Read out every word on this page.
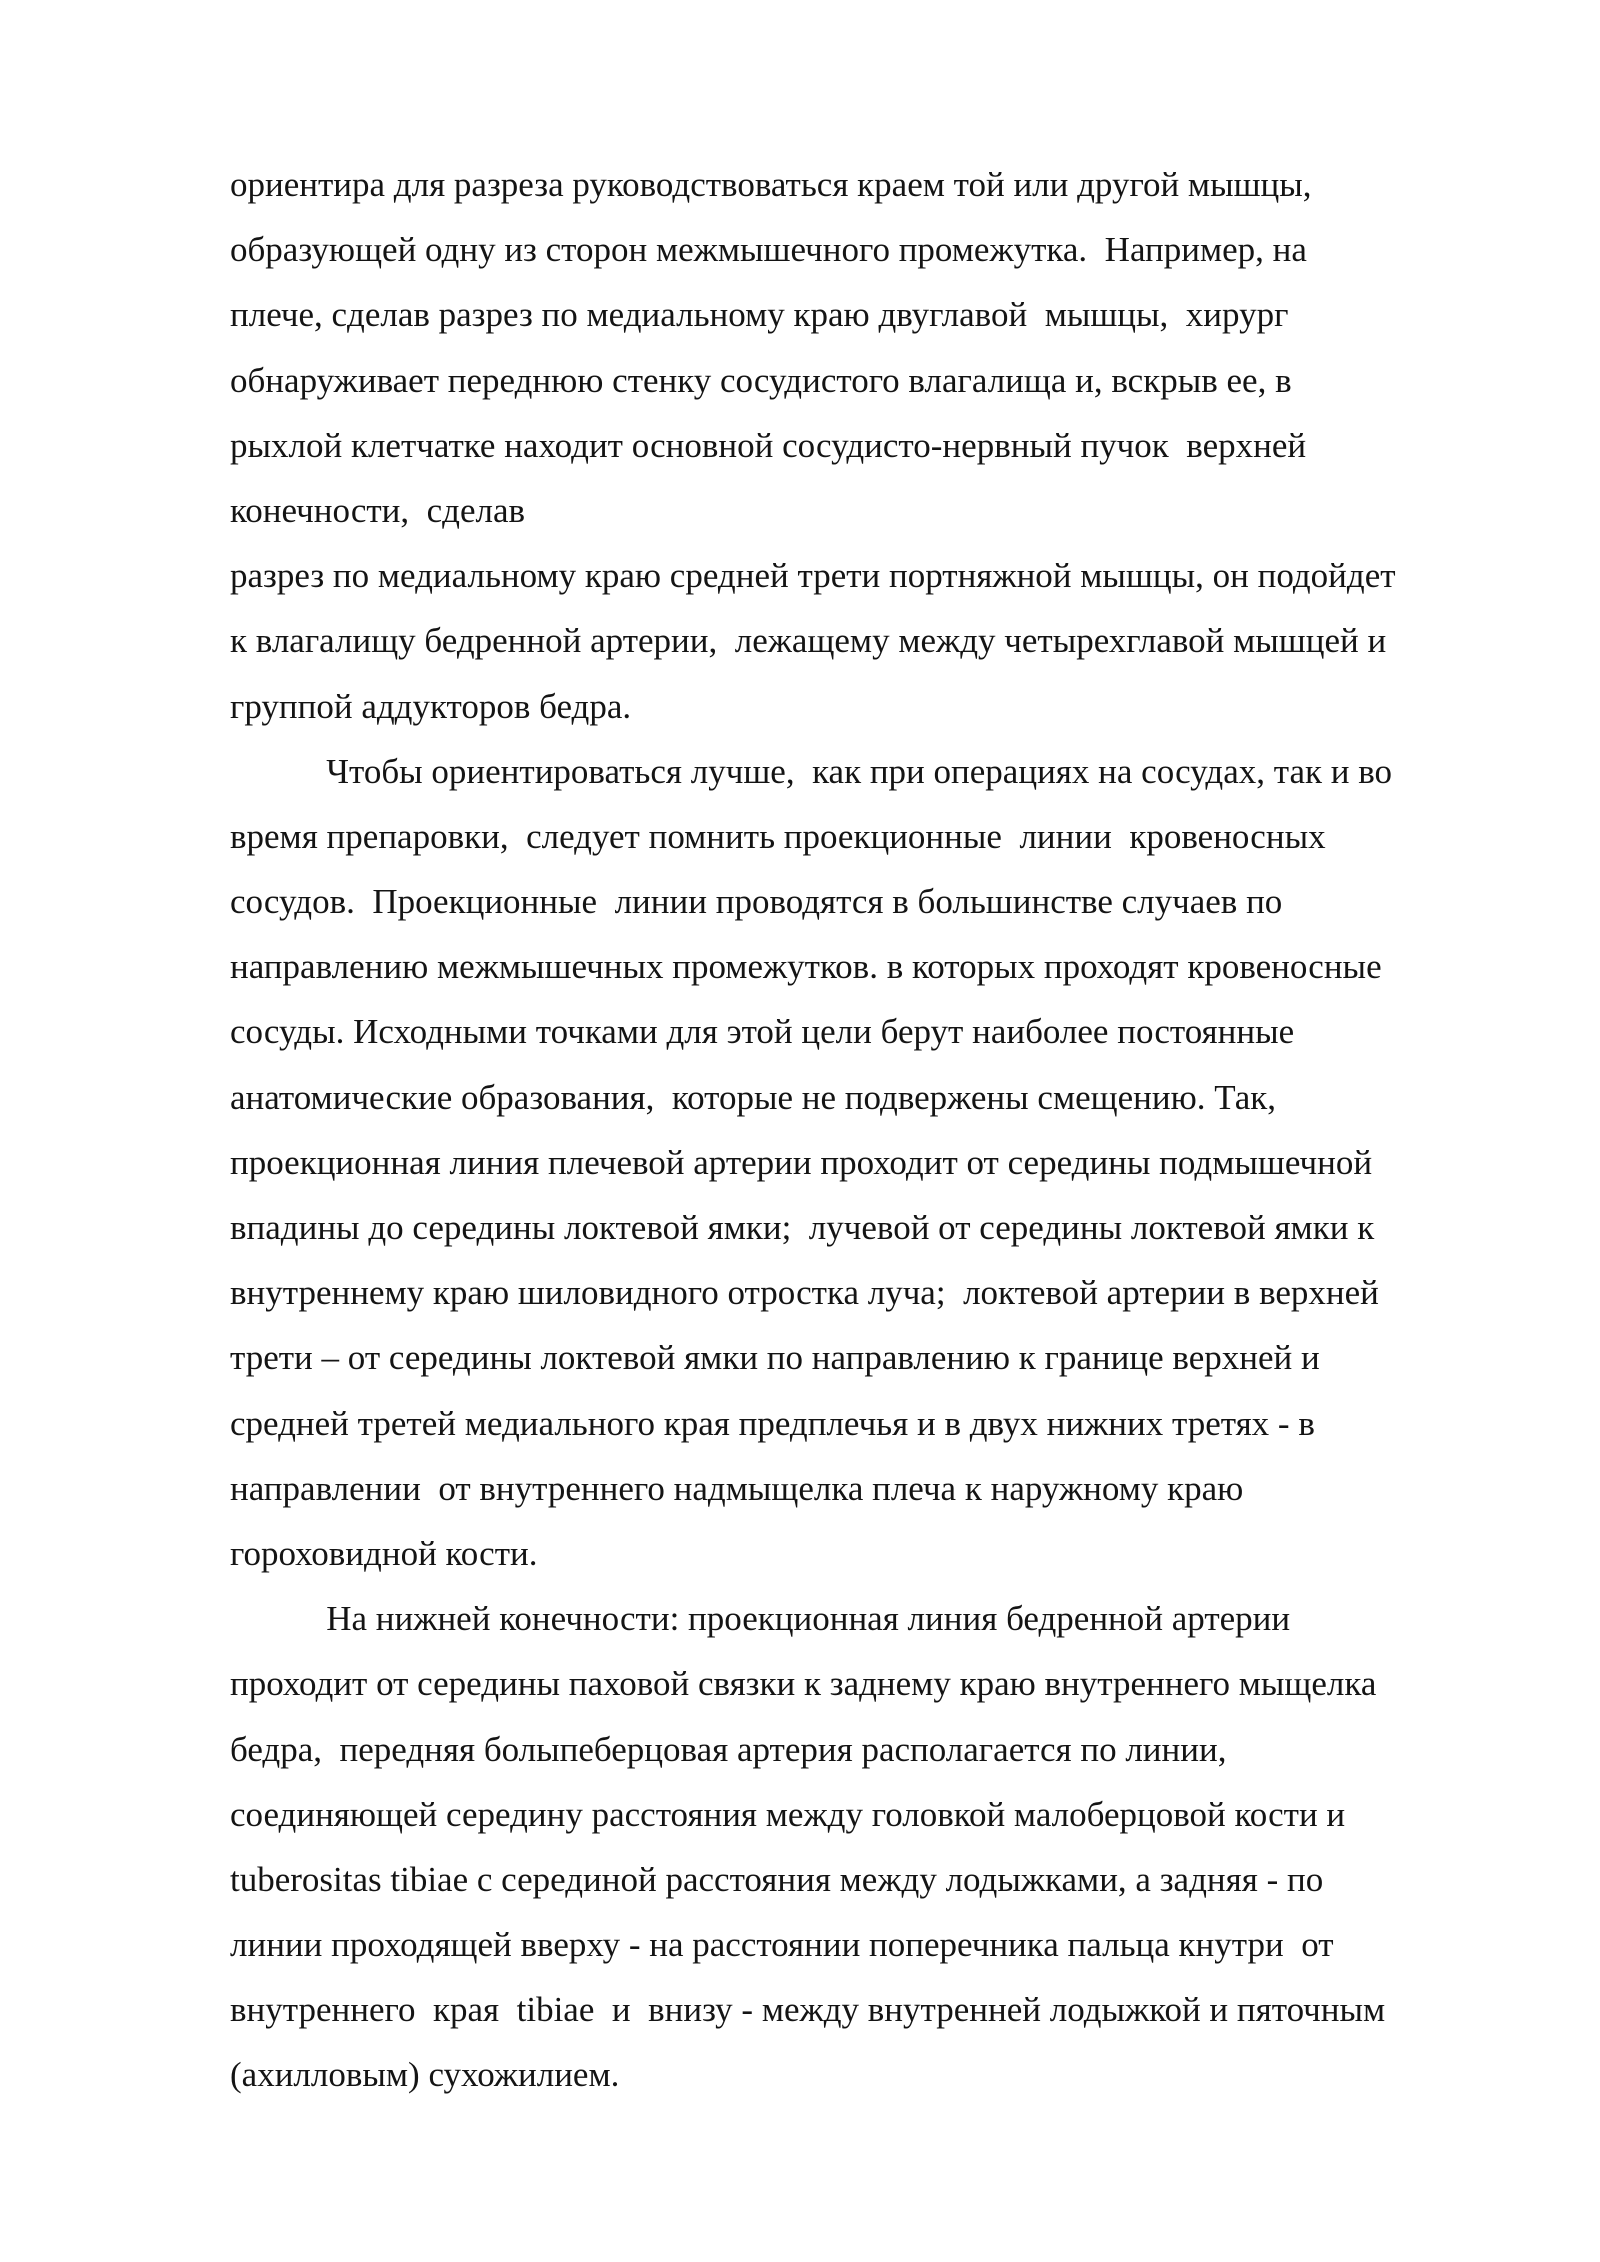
ориентира для разреза руководствоваться краем той или другой мышцы,
образующей одну из сторон межмышечного промежутка.  Например, на
плече, сделав разрез по медиальному краю двуглавой  мышцы,  хирург
обнаруживает переднюю стенку сосудистого влагалища и, вскрыв ее, в
рыхлой клетчатке находит основной сосудисто-нервный пучок  верхней
конечности,  сделав
разрез по медиальному краю средней трети портняжной мышцы, он подойдет
к влагалищу бедренной артерии,  лежащему между четырехглавой мышцей и
группой аддукторов бедра.
Чтобы ориентироваться лучше,  как при операциях на сосудах, так и во
время препаровки,  следует помнить проекционные  линии  кровеносных
сосудов.  Проекционные  линии проводятся в большинстве случаев по
направлению межмышечных промежутков. в которых проходят кровеносные
сосуды. Исходными точками для этой цели берут наиболее постоянные
анатомические образования,  которые не подвержены смещению. Так,
проекционная линия плечевой артерии проходит от середины подмышечной
впадины до середины локтевой ямки;  лучевой от середины локтевой ямки к
внутреннему краю шиловидного отростка луча;  локтевой артерии в верхней
трети – от середины локтевой ямки по направлению к границе верхней и
средней третей медиального края предплечья и в двух нижних третях - в
направлении  от внутреннего надмыщелка плеча к наружному краю
гороховидной кости.
На нижней конечности: проекционная линия бедренной артерии
проходит от середины паховой связки к заднему краю внутреннего мыщелка
бедра,  передняя болыпеберцовая артерия располагается по линии,
соединяющей середину расстояния между головкой малоберцовой кости и
tuberositas tibiae с серединой расстояния между лодыжками, а задняя - по
линии проходящей вверху - на расстоянии поперечника пальца кнутри  от
внутреннего  края  tibiae  и  внизу - между внутренней лодыжкой и пяточным
(ахилловым) сухожилием.
